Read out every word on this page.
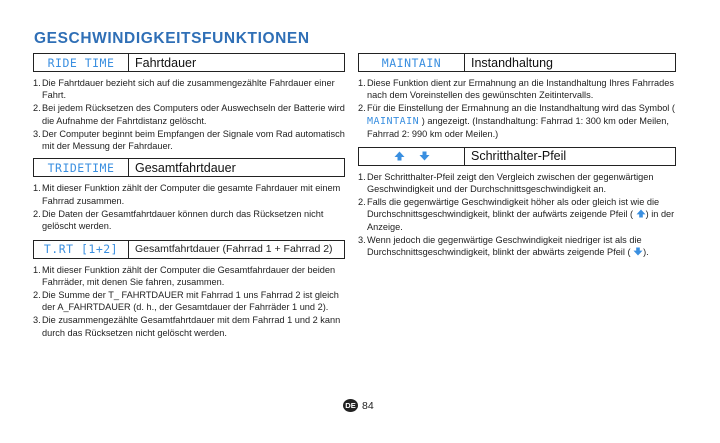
GESCHWINDIGKEITSFUNKTIONEN
RIDE TIME	Fahrtdauer
1.Die Fahrtdauer bezieht sich auf die zusammengezählte Fahrdauer einer Fahrt.
2.Bei jedem Rücksetzen des Computers oder Auswechseln der Batterie wird die Aufnahme der Fahrtdistanz gelöscht.
3.Der Computer beginnt beim Empfangen der Signale vom Rad automatisch mit der Messung der Fahrdauer.
TRIDETIME	Gesamtfahrtdauer
1.Mit dieser Funktion zählt der Computer die gesamte Fahrdauer mit einem Fahrrad zusammen.
2.Die Daten der Gesamtfahrtdauer können durch das Rücksetzen nicht gelöscht werden.
T.RT [1+2]	Gesamtfahrtdauer (Fahrrad 1 + Fahrrad 2)
1.Mit dieser Funktion zählt der Computer die Gesamtfahrdauer der beiden Fahrräder, mit denen Sie fahren, zusammen.
2.Die Summe der T_ FAHRTDAUER mit Fahrrad 1 uns Fahrrad 2 ist gleich der A_FAHRTDAUER (d. h., der Gesamtdauer der Fahrräder 1 und 2).
3.Die zusammengezählte Gesamtfahrtdauer mit dem Fahrrad 1 und 2 kann durch das Rücksetzen nicht gelöscht werden.
MAINTAIN	Instandhaltung
1.Diese Funktion dient zur Ermahnung an die Instandhaltung Ihres Fahrrades nach dem Voreinstellen des gewünschten Zeitintervalls.
2.Für die Einstellung der Ermahnung an die Instandhaltung wird das Symbol ( MAINTAIN ) angezeigt. (Instandhaltung: Fahrrad 1: 300 km oder Meilen, Fahrrad 2: 990 km oder Meilen.)
Schritthalter-Pfeil
1.Der Schritthalter-Pfeil zeigt den Vergleich zwischen der gegenwärtigen Geschwindigkeit und der Durchschnittsgeschwindigkeit an.
2.Falls die gegenwärtige Geschwindigkeit höher als oder gleich ist wie die Durchschnittsgeschwindigkeit, blinkt der aufwärts zeigende Pfeil ( ) in der Anzeige.
3.Wenn jedoch die gegenwärtige Geschwindigkeit niedriger ist als die Durchschnittsgeschwindigkeit, blinkt der abwärts zeigende Pfeil ( ).
DE 84
